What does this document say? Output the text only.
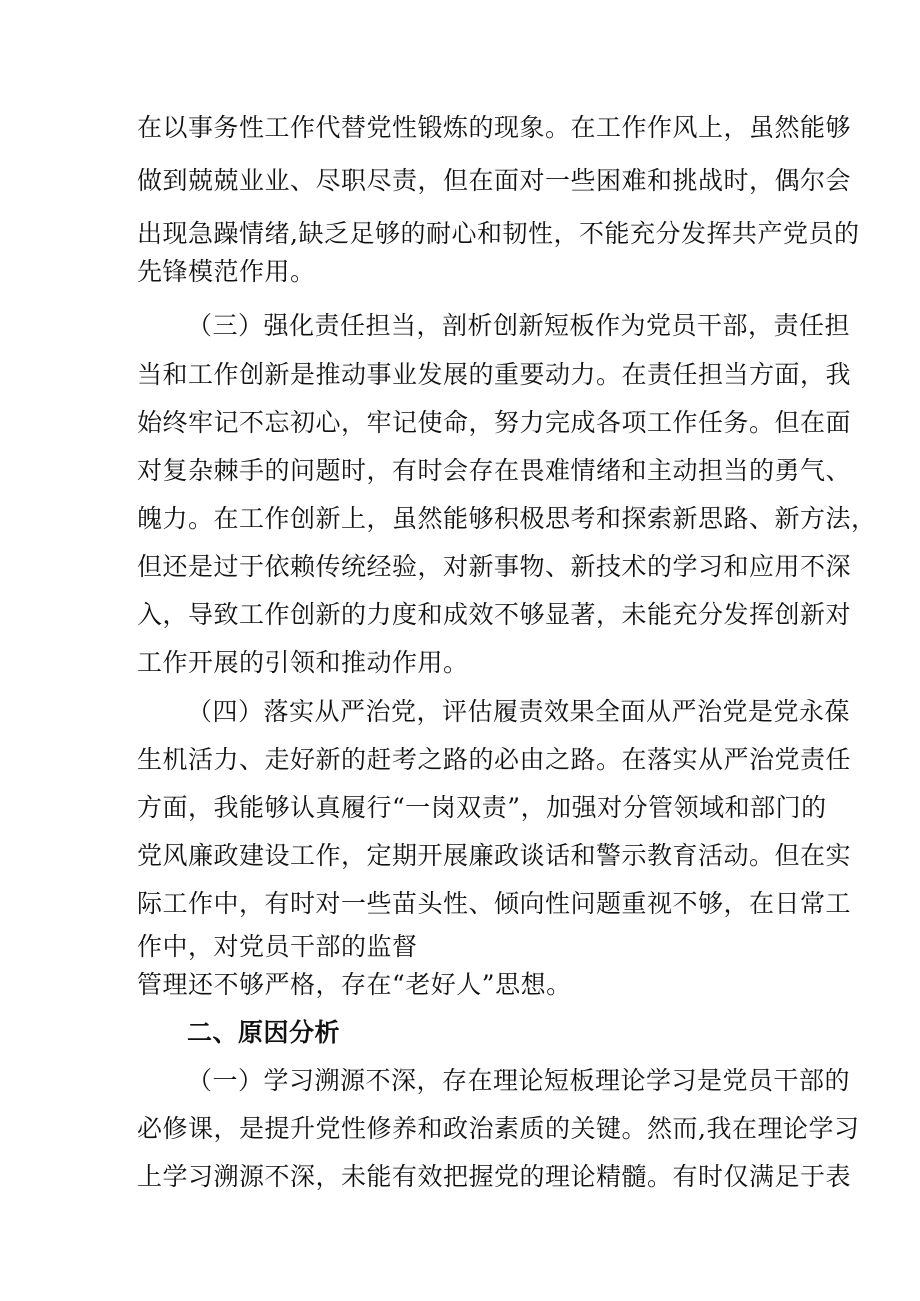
在以事务性工作代替党性锻炼的现象。在工作作风上，虽然能够
做到兢兢业业、尽职尽责，但在面对一些困难和挑战时，偶尔会
出现急躁情绪,缺乏足够的耐心和韧性，不能充分发挥共产党员的
先锋模范作用。
（三）强化责任担当，剖析创新短板作为党员干部，责任担
当和工作创新是推动事业发展的重要动力。在责任担当方面，我
始终牢记不忘初心，牢记使命，努力完成各项工作任务。但在面
对复杂棘手的问题时，有时会存在畏难情绪和主动担当的勇气、
魄力。在工作创新上，虽然能够积极思考和探索新思路、新方法，
但还是过于依赖传统经验，对新事物、新技术的学习和应用不深
入，导致工作创新的力度和成效不够显著，未能充分发挥创新对
工作开展的引领和推动作用。
（四）落实从严治党，评估履责效果全面从严治党是党永葆
生机活力、走好新的赶考之路的必由之路。在落实从严治党责任
方面，我能够认真履行“一岗双责”，加强对分管领域和部门的
党风廉政建设工作，定期开展廉政谈话和警示教育活动。但在实
际工作中，有时对一些苗头性、倾向性问题重视不够，在日常工
作中，对党员干部的监督
管理还不够严格，存在“老好人”思想。
二、原因分析
（一）学习溯源不深，存在理论短板理论学习是党员干部的
必修课，是提升党性修养和政治素质的关键。然而,我在理论学习
上学习溯源不深，未能有效把握党的理论精髓。有时仅满足于表
